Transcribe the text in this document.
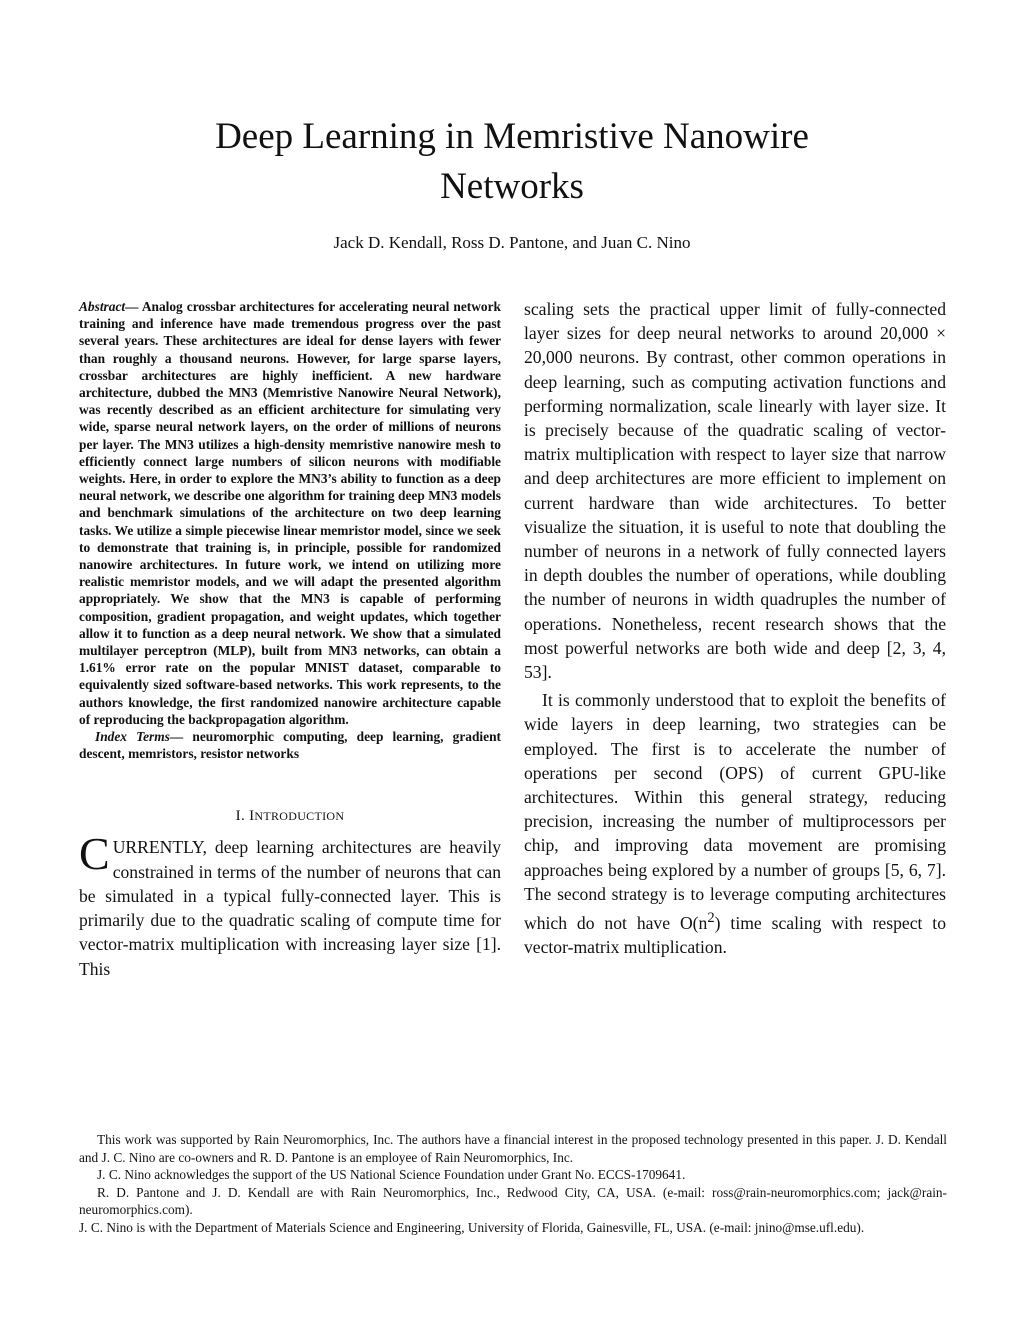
Deep Learning in Memristive Nanowire Networks
Jack D. Kendall, Ross D. Pantone, and Juan C. Nino

Abstract— Analog crossbar architectures for accelerating neural network training and inference have made tremendous progress over the past several years. These architectures are ideal for dense layers with fewer than roughly a thousand neurons. However, for large sparse layers, crossbar architectures are highly inefficient. A new hardware architecture, dubbed the MN3 (Memristive Nanowire Neural Network), was recently described as an efficient architecture for simulating very wide, sparse neural network layers, on the order of millions of neurons per layer. The MN3 utilizes a high-density memristive nanowire mesh to efficiently connect large numbers of silicon neurons with modifiable weights. Here, in order to explore the MN3’s ability to function as a deep neural network, we describe one algorithm for training deep MN3 models and benchmark simulations of the architecture on two deep learning tasks. We utilize a simple piecewise linear memristor model, since we seek to demonstrate that training is, in principle, possible for randomized nanowire architectures. In future work, we intend on utilizing more realistic memristor models, and we will adapt the presented algorithm appropriately. We show that the MN3 is capable of performing composition, gradient propagation, and weight updates, which together allow it to function as a deep neural network. We show that a simulated multilayer perceptron (MLP), built from MN3 networks, can obtain a 1.61% error rate on the popular MNIST dataset, comparable to equivalently sized software-based networks. This work represents, to the authors knowledge, the first randomized nanowire architecture capable of reproducing the backpropagation algorithm.

Index Terms— neuromorphic computing, deep learning, gradient descent, memristors, resistor networks

I. INTRODUCTION

CURRENTLY, deep learning architectures are heavily constrained in terms of the number of neurons that can be simulated in a typical fully-connected layer. This is primarily due to the quadratic scaling of compute time for vector-matrix multiplication with increasing layer size [1]. This

scaling sets the practical upper limit of fully-connected layer sizes for deep neural networks to around 20,000 × 20,000 neurons. By contrast, other common operations in deep learning, such as computing activation functions and performing normalization, scale linearly with layer size. It is precisely because of the quadratic scaling of vector-matrix multiplication with respect to layer size that narrow and deep architectures are more efficient to implement on current hardware than wide architectures. To better visualize the situation, it is useful to note that doubling the number of neurons in a network of fully connected layers in depth doubles the number of operations, while doubling the number of neurons in width quadruples the number of operations. Nonetheless, recent research shows that the most powerful networks are both wide and deep [2, 3, 4, 53].

It is commonly understood that to exploit the benefits of wide layers in deep learning, two strategies can be employed. The first is to accelerate the number of operations per second (OPS) of current GPU-like architectures. Within this general strategy, reducing precision, increasing the number of multiprocessors per chip, and improving data movement are promising approaches being explored by a number of groups [5, 6, 7]. The second strategy is to leverage computing architectures which do not have $O(n^2)$ time scaling with respect to vector-matrix multiplication.

This work was supported by Rain Neuromorphics, Inc. The authors have a financial interest in the proposed technology presented in this paper. J. D. Kendall and J. C. Nino are co-owners and R. D. Pantone is an employee of Rain Neuromorphics, Inc.

J. C. Nino acknowledges the support of the US National Science Foundation under Grant No. ECCS-1709641.

R. D. Pantone and J. D. Kendall are with Rain Neuromorphics, Inc., Redwood City, CA, USA. (e-mail: ross@rain-neuromorphics.com; jack@rain-neuromorphics.com).

J. C. Nino is with the Department of Materials Science and Engineering, University of Florida, Gainesville, FL, USA. (e-mail: jnino@mse.ufl.edu).
